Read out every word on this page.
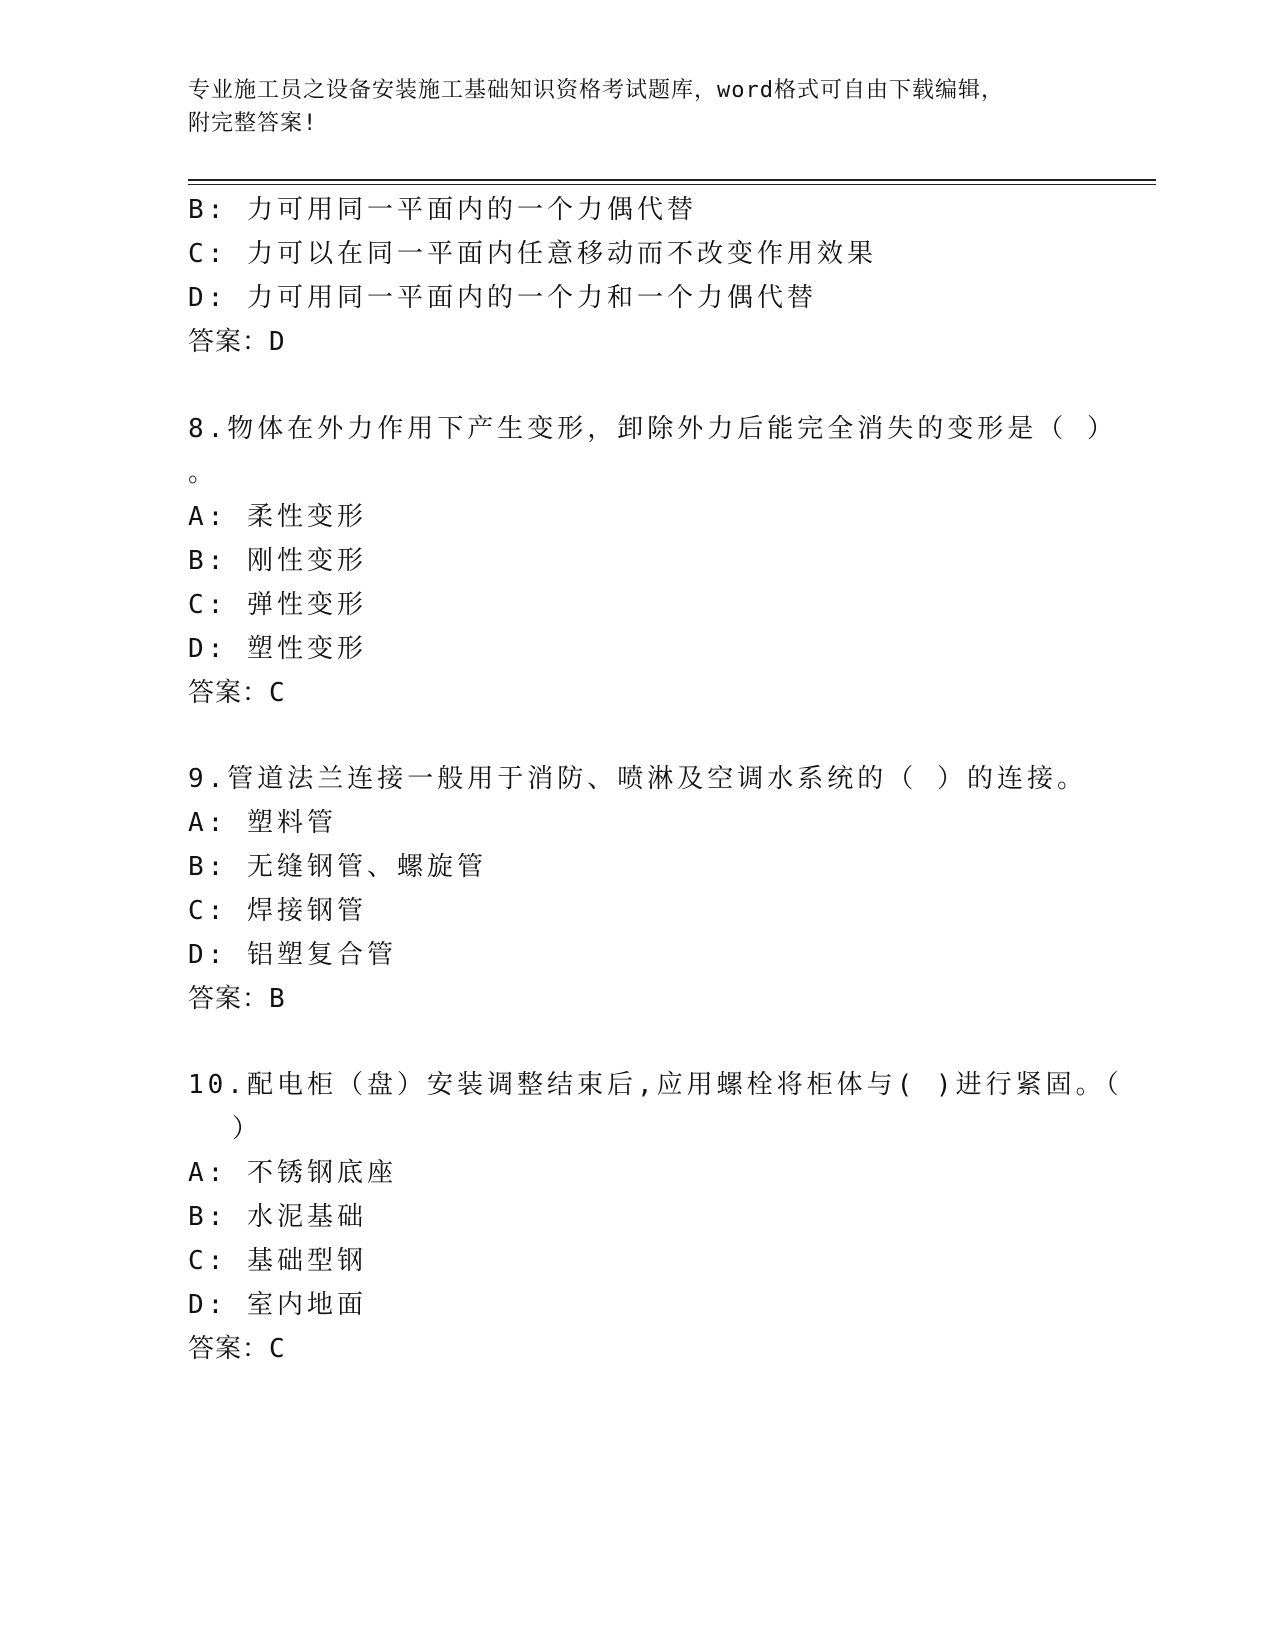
专业施工员之设备安装施工基础知识资格考试题库，word格式可自由下载编辑，
附完整答案!
B: 力可用同一平面内的一个力偶代替
C: 力可以在同一平面内任意移动而不改变作用效果
D: 力可用同一平面内的一个力和一个力偶代替
答案：D
8.物体在外力作用下产生变形，卸除外力后能完全消失的变形是（ ）
。
A: 柔性变形
B: 刚性变形
C: 弹性变形
D: 塑性变形
答案：C
9.管道法兰连接一般用于消防、喷淋及空调水系统的（ ）的连接。
A: 塑料管
B: 无缝钢管、螺旋管
C: 焊接钢管
D: 铝塑复合管
答案：B
10.配电柜（盘）安装调整结束后,应用螺栓将柜体与( )进行紧固。（
）
A: 不锈钢底座
B: 水泥基础
C: 基础型钢
D: 室内地面
答案：C
